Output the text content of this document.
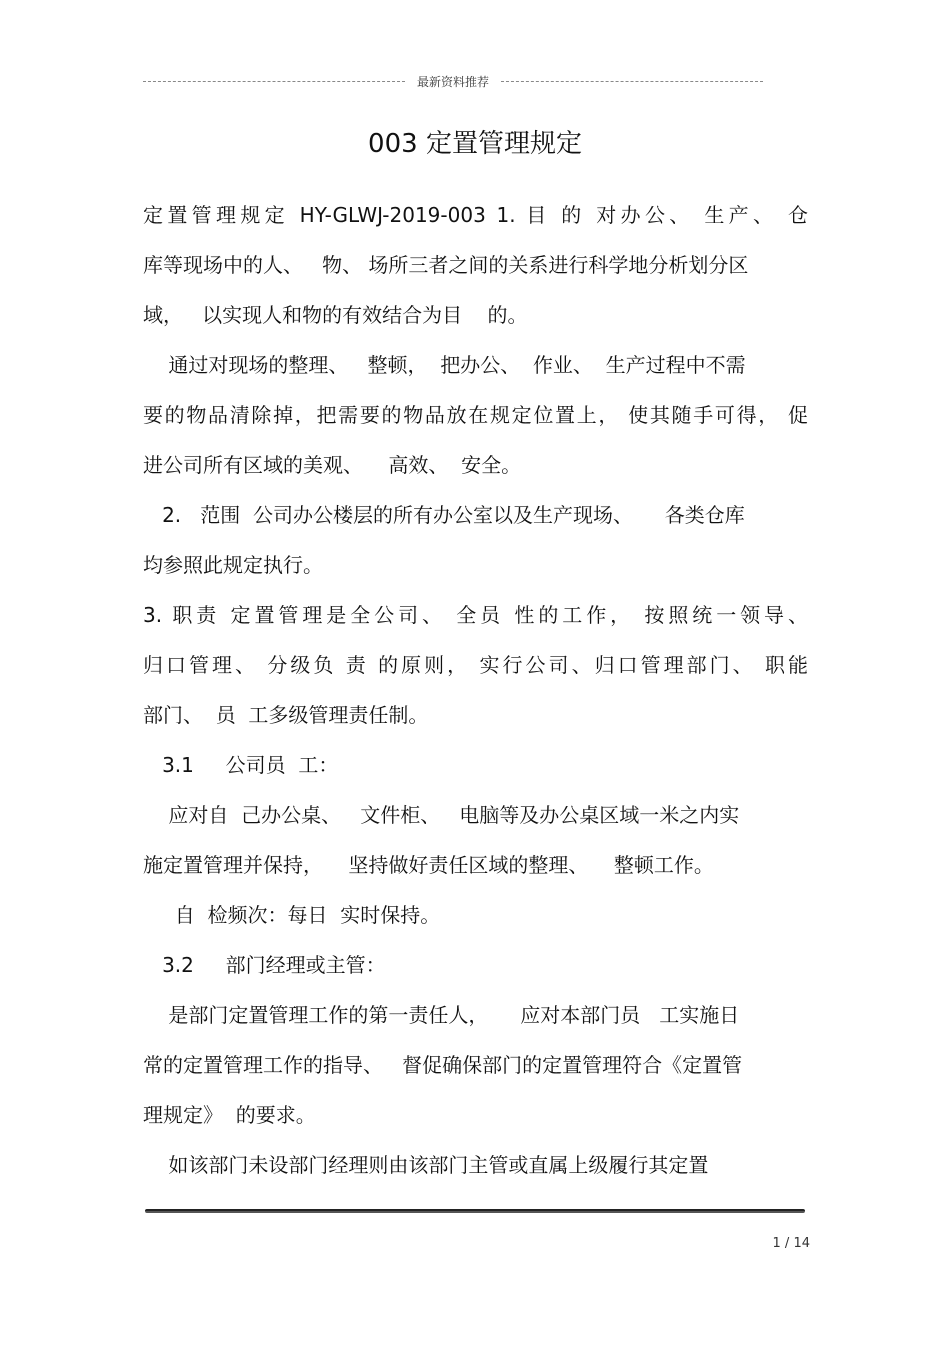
最新资料推荐
003 定置管理规定
定置管理规定 HY-GLWJ-2019-003 1. 目 的 对办公、 生产、 仓
库等现场中的人、   物、 场所三者之间的关系进行科学地分析划分区
域，   以实现人和物的有效结合为目    的。
通过对现场的整理、   整顿，  把办公、  作业、  生产过程中不需
要的物品清除掉，把需要的物品放在规定位置上， 使其随手可得， 促
进公司所有区域的美观、    高效、  安全。
2.   范围  公司办公楼层的所有办公室以及生产现场、     各类仓库
均参照此规定执行。
3. 职责 定置管理是全公司、 全员 性的工作， 按照统一领导、
归口管理、 分级负 责 的原则， 实行公司、归口管理部门、 职能
部门、  员  工多级管理责任制。
3.1     公司员  工：
应对自  己办公桌、   文件柜、   电脑等及办公桌区域一米之内实
施定置管理并保持，    坚持做好责任区域的整理、    整顿工作。
自  检频次：每日  实时保持。
3.2     部门经理或主管：
是部门定置管理工作的第一责任人，     应对本部门员   工实施日
常的定置管理工作的指导、   督促确保部门的定置管理符合《定置管
理规定》  的要求。
如该部门未设部门经理则由该部门主管或直属上级履行其定置
1 / 14
